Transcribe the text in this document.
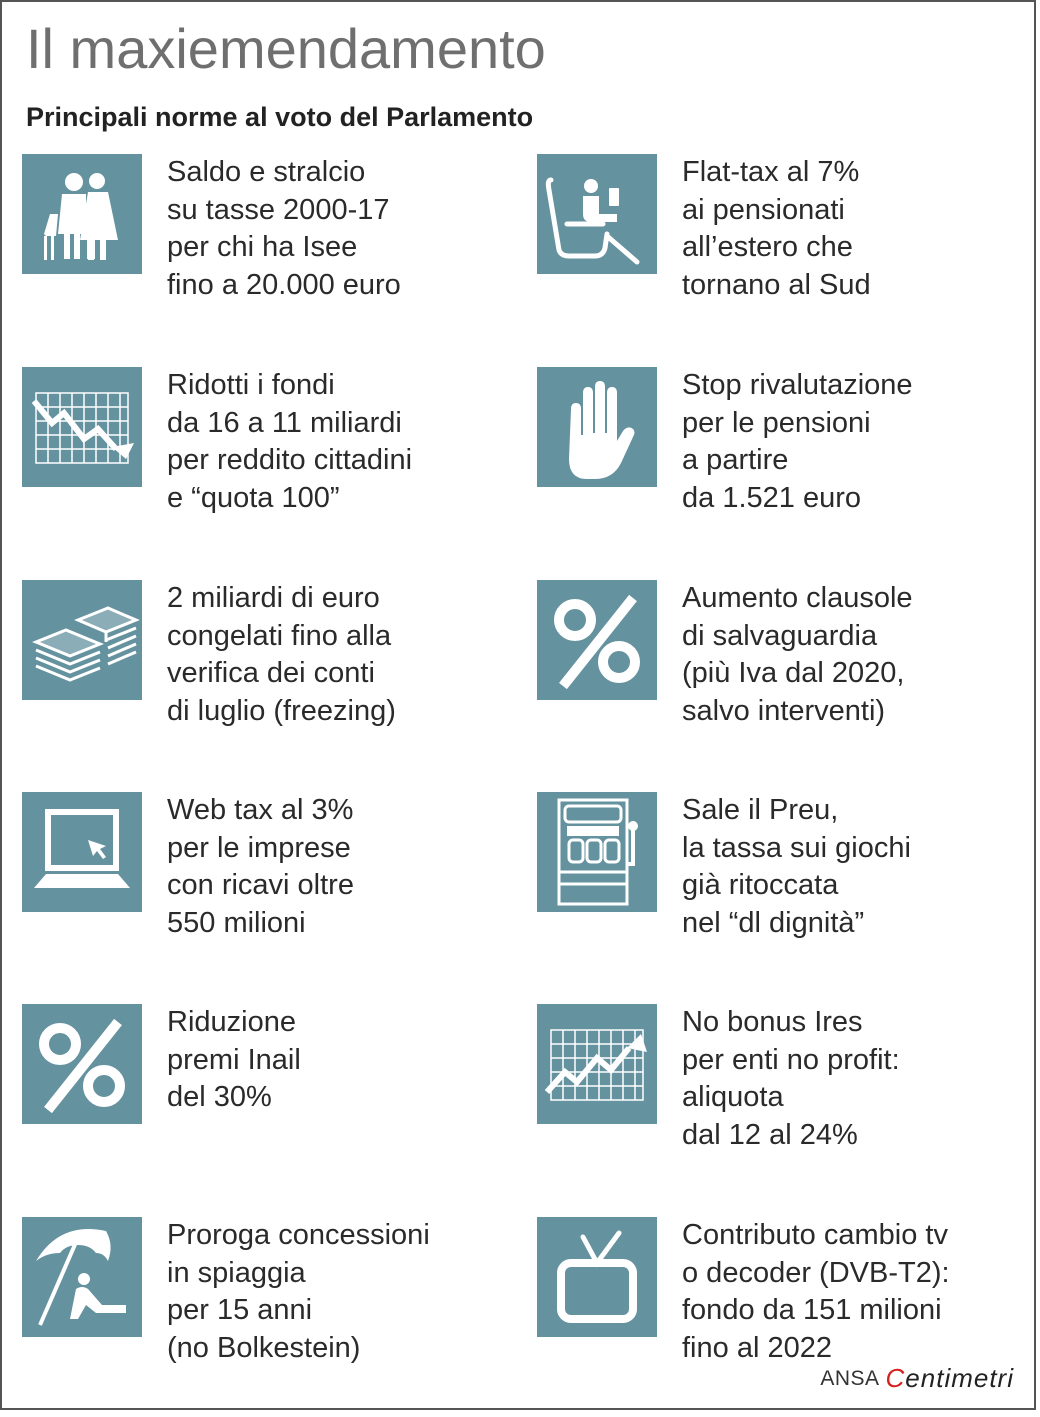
Il maxiemendamento
Principali norme al voto del Parlamento
Saldo e stralcio
su tasse 2000-17
per chi ha Isee
fino a 20.000 euro
Flat-tax al 7%
ai pensionati
all’estero che
tornano al Sud
Ridotti i fondi
da 16 a 11 miliardi
per reddito cittadini
e “quota 100”
Stop rivalutazione
per le pensioni
a partire
da 1.521 euro
2 miliardi di euro
congelati fino alla
verifica dei conti
di luglio (freezing)
Aumento clausole
di salvaguardia
(più Iva dal 2020,
salvo interventi)
Web tax al 3%
per le imprese
con ricavi oltre
550 milioni
Sale il Preu,
la tassa sui giochi
già ritoccata
nel “dl dignità”
Riduzione
premi Inail
del 30%
No bonus Ires
per enti no profit:
aliquota
dal 12 al 24%
Proroga concessioni
in spiaggia
per 15 anni
(no Bolkestein)
Contributo cambio tv
o decoder (DVB-T2):
fondo da 151 milioni
fino al 2022
ANSA Centimetri
